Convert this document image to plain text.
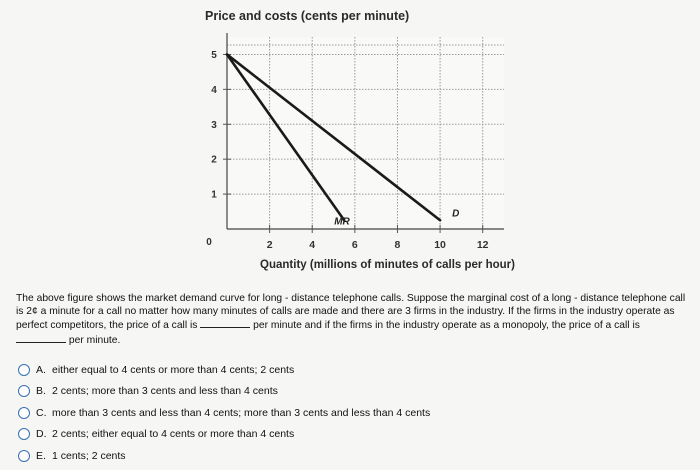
Price and costs (cents per minute)
1
2
3
4
5
2	4	6	8	10	12
0
Quantity (millions of minutes of calls per hour)
D
MR
The above figure shows the market demand curve for long - distance telephone calls. Suppose the marginal cost of a long - distance telephone call is 2¢ a minute for a call no matter how many minutes of calls are made and there are 3 firms in the industry. If the firms in the industry operate as perfect competitors, the price of a call is	per minute and if the firms in the industry operate as a monopoly, the price of a call is  per minute.
A. either equal to 4 cents or more than 4 cents; 2 cents
B. 2 cents; more than 3 cents and less than 4 cents
C. more than 3 cents and less than 4 cents; more than 3 cents and less than 4 cents
D. 2 cents; either equal to 4 cents or more than 4 cents
E. 1 cents; 2 cents
